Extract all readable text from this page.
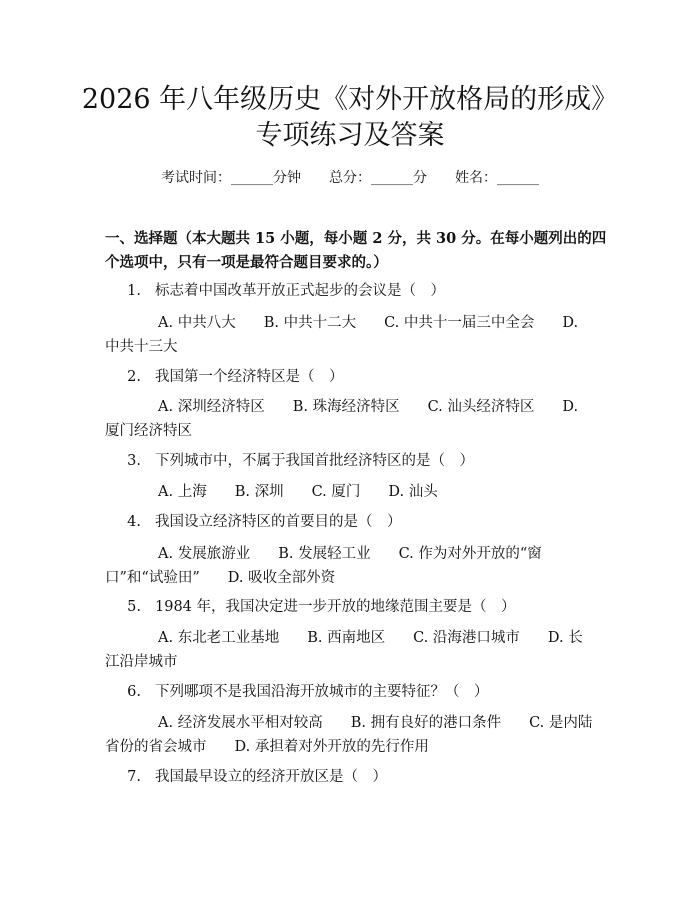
2026 年八年级历史《对外开放格局的形成》
专项练习及答案
考试时间：______分钟　　总分：______分　　姓名：______
一、选择题（本大题共 15 小题，每小题 2 分，共 30 分。在每小题列出的四个选项中，只有一项是最符合题目要求的。）
1. 标志着中国改革开放正式起步的会议是（　）
A. 中共八大 B. 中共十二大 C. 中共十一届三中全会 D. 中共十三大
2. 我国第一个经济特区是（　）
A. 深圳经济特区 B. 珠海经济特区 C. 汕头经济特区 D. 厦门经济特区
3. 下列城市中，不属于我国首批经济特区的是（　）
A. 上海 B. 深圳 C. 厦门 D. 汕头
4. 我国设立经济特区的首要目的是（　）
A. 发展旅游业 B. 发展轻工业 C. 作为对外开放的“窗口”和“试验田” D. 吸收全部外资
5. 1984 年，我国决定进一步开放的地缘范围主要是（　）
A. 东北老工业基地 B. 西南地区 C. 沿海港口城市 D. 长江沿岸城市
6. 下列哪项不是我国沿海开放城市的主要特征？（　）
A. 经济发展水平相对较高 B. 拥有良好的港口条件 C. 是内陆省份的省会城市 D. 承担着对外开放的先行作用
7. 我国最早设立的经济开放区是（　）
